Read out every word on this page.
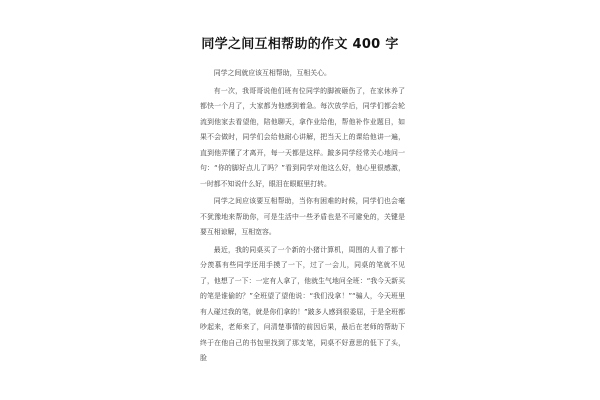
同学之间互相帮助的作文 400 字

同学之间就应该互相帮助，互相关心。

有一次，我哥哥说他们班有位同学的脚被砸伤了，在家休养了都快一个月了，大家都为他感到着急。每次放学后，同学们都会轮流到他家去看望他，陪他聊天，拿作业给他，帮他补作业题目，如果不会做时，同学们会给他耐心讲解，把当天上的课给他讲一遍，直到他弄懂了才离开，每一天都是这样。跛多同学经常关心地问一句：“你的脚好点儿了吗？”看到同学对他这么好，他心里很感激，一时都不知说什么好，眼泪在眼眶里打转。

同学之间应该要互相帮助，当你有困难的时候，同学们也会毫不犹豫地来帮助你，可是生活中一些矛盾也是不可避免的，关键是要互相谅解，互相宽容。

最近，我的同桌买了一个新的小猪计算机，周围的人看了都十分羡慕有些同学还用手摸了一下，过了一会儿，同桌的笔就不见了，他想了一下：一定有人拿了，他就生气地问全班：“我今天新买的笔是谁偷的？”全班望了望他说：“我们没拿！”“骗人，今天班里有人碰过我的笔，就是你们拿的！”跛多人感到很委屈，于是全班都吵起来，老师来了，问清楚事情的前因后果，最后在老师的帮助下终于在他自己的书包里找到了那支笔，同桌不好意思的低下了头，脸
